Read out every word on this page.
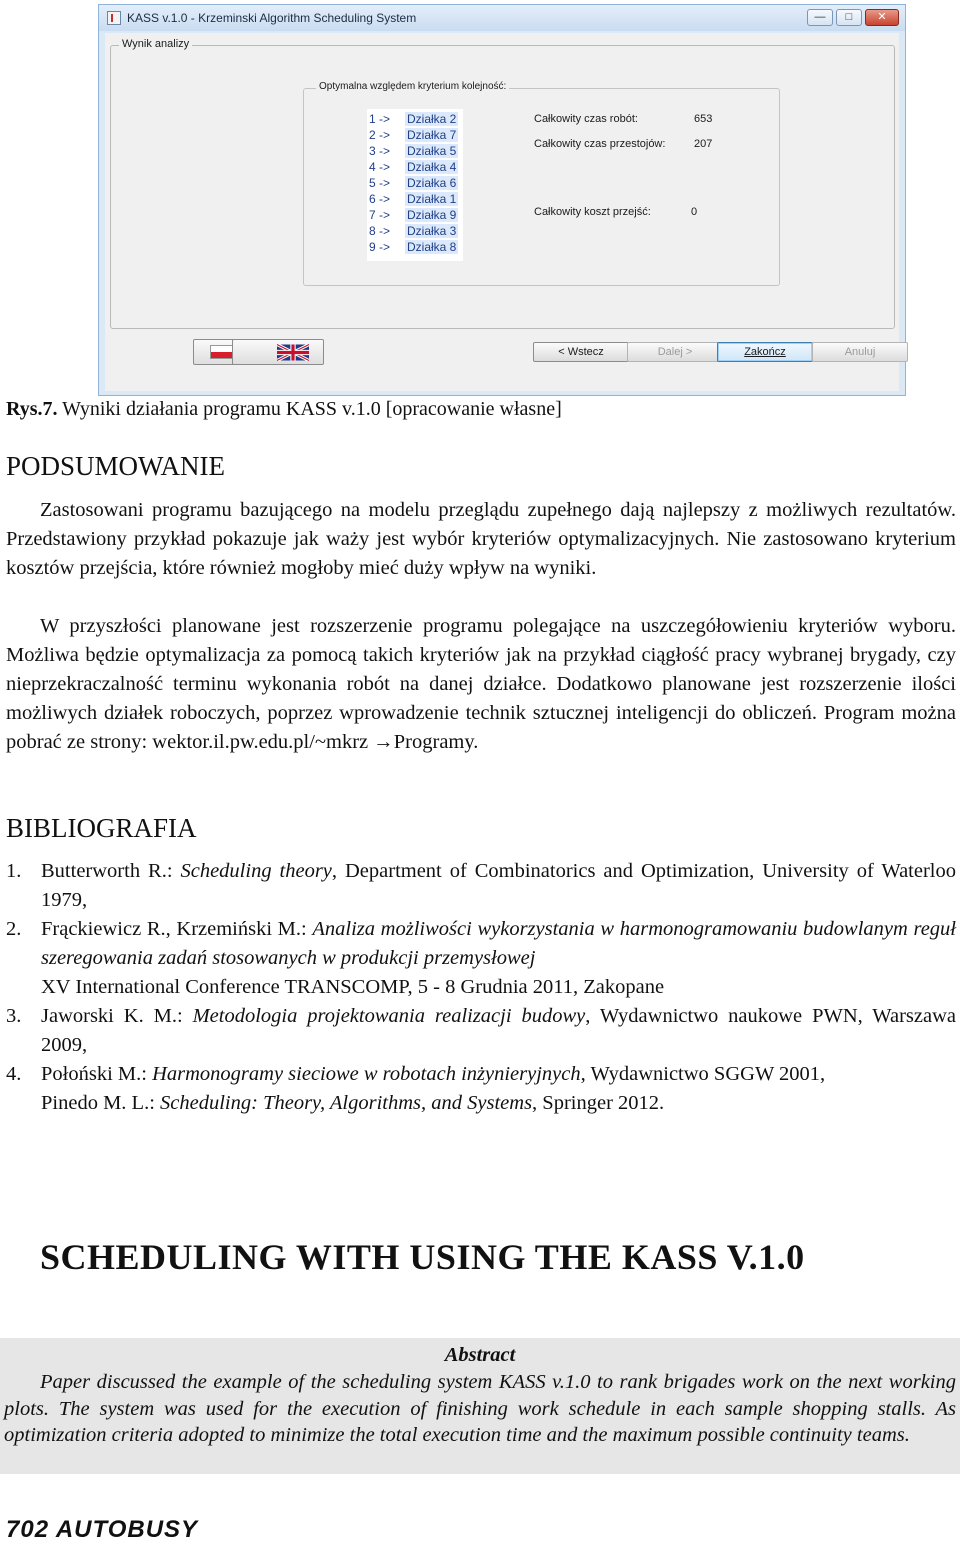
KASS v.1.0 - Krzeminski Algorithm Scheduling System	—	□	✕
Wynik analizy
Optymalna względem kryterium kolejność:
1 -> Działka 2
2 -> Działka 7
3 -> Działka 5
4 -> Działka 4
5 -> Działka 6
6 -> Działka 1
7 -> Działka 9
8 -> Działka 3
9 -> Działka 8
Całkowity czas robót:	653
Całkowity czas przestojów:	207
Całkowity koszt przejść:	0
< Wstecz	Dalej >	Zakończ	Anuluj
Rys.7. Wyniki działania programu KASS v.1.0 [opracowanie własne]
PODSUMOWANIE
Zastosowani programu bazującego na modelu przeglądu zupełnego dają najlepszy z możliwych rezultatów. Przedstawiony przykład pokazuje jak waży jest wybór kryteriów optymalizacyjnych. Nie zastosowano kryterium kosztów przejścia, które również mogłoby mieć duży wpływ na wyniki.
W przyszłości planowane jest rozszerzenie programu polegające na uszczegółowieniu kryteriów wyboru. Możliwa będzie optymalizacja za pomocą takich kryteriów jak na przykład ciągłość pracy wybranej brygady, czy nieprzekraczalność terminu wykonania robót na danej działce. Dodatkowo planowane jest rozszerzenie ilości możliwych działek roboczych, poprzez wprowadzenie technik sztucznej inteligencji do obliczeń. Program można pobrać ze strony: wektor.il.pw.edu.pl/~mkrz →Programy.
BIBLIOGRAFIA
1. Butterworth R.: Scheduling theory, Department of Combinatorics and Optimization, University of Waterloo 1979,
2. Frąckiewicz R., Krzemiński M.: Analiza możliwości wykorzystania w harmonogramowaniu budowlanym reguł szeregowania zadań stosowanych w produkcji przemysłowej
XV International Conference TRANSCOMP, 5 - 8 Grudnia 2011, Zakopane
3. Jaworski K. M.: Metodologia projektowania realizacji budowy, Wydawnictwo naukowe PWN, Warszawa 2009,
4. Połoński M.: Harmonogramy sieciowe w robotach inżynieryjnych, Wydawnictwo SGGW 2001,
Pinedo M. L.: Scheduling: Theory, Algorithms, and Systems, Springer 2012.
SCHEDULING WITH USING THE KASS V.1.0
Abstract
Paper discussed the example of the scheduling system KASS v.1.0 to rank brigades work on the next working plots. The system was used for the execution of finishing work schedule in each sample shopping stalls. As optimization criteria adopted to minimize the total execution time and the maximum possible continuity teams.
702 AUTOBUSY
